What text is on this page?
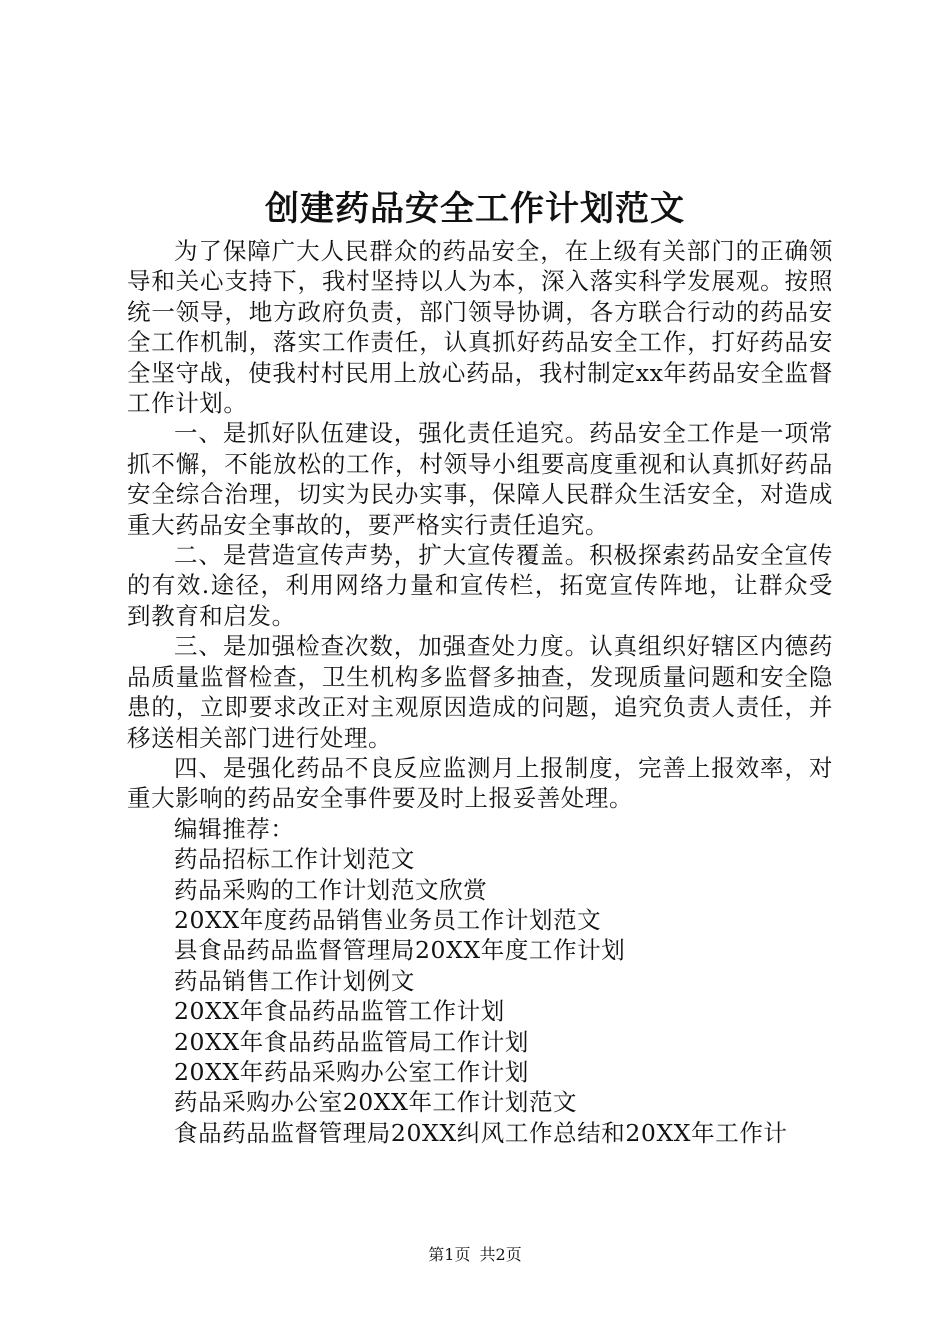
创建药品安全工作计划范文

为了保障广大人民群众的药品安全，在上级有关部门的正确领导和关心支持下，我村坚持以人为本，深入落实科学发展观。按照统一领导，地方政府负责，部门领导协调，各方联合行动的药品安全工作机制，落实工作责任，认真抓好药品安全工作，打好药品安全坚守战，使我村村民用上放心药品，我村制定xx年药品安全监督工作计划。

一、是抓好队伍建设，强化责任追究。药品安全工作是一项常抓不懈，不能放松的工作，村领导小组要高度重视和认真抓好药品安全综合治理，切实为民办实事，保障人民群众生活安全，对造成重大药品安全事故的，要严格实行责任追究。

二、是营造宣传声势，扩大宣传覆盖。积极探索药品安全宣传的有效.途径，利用网络力量和宣传栏，拓宽宣传阵地，让群众受到教育和启发。

三、是加强检查次数，加强查处力度。认真组织好辖区内德药品质量监督检查，卫生机构多监督多抽查，发现质量问题和安全隐患的，立即要求改正对主观原因造成的问题，追究负责人责任，并移送相关部门进行处理。

四、是强化药品不良反应监测月上报制度，完善上报效率，对重大影响的药品安全事件要及时上报妥善处理。

编辑推荐：
药品招标工作计划范文
药品采购的工作计划范文欣赏
20XX年度药品销售业务员工作计划范文
县食品药品监督管理局20XX年度工作计划
药品销售工作计划例文
20XX年食品药品监管工作计划
20XX年食品药品监管局工作计划
20XX年药品采购办公室工作计划
药品采购办公室20XX年工作计划范文
食品药品监督管理局20XX纠风工作总结和20XX年工作计
第1页 共2页
